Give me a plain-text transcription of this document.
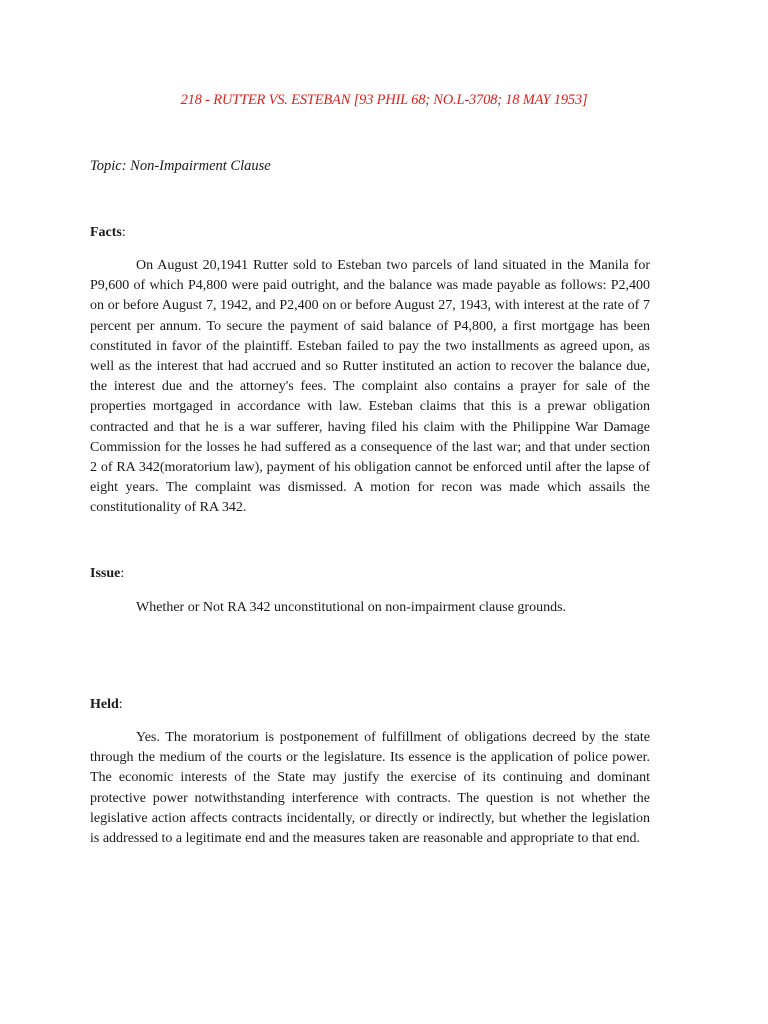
218 - RUTTER VS. ESTEBAN [93 PHIL 68; NO.L-3708; 18 MAY 1953]
Topic: Non-Impairment Clause
Facts:

On August 20,1941 Rutter sold to Esteban two parcels of land situated in the Manila for P9,600 of which P4,800 were paid outright, and the balance was made payable as follows: P2,400 on or before August 7, 1942, and P2,400 on or before August 27, 1943, with interest at the rate of 7 percent per annum. To secure the payment of said balance of P4,800, a first mortgage has been constituted in favor of the plaintiff. Esteban failed to pay the two installments as agreed upon, as well as the interest that had accrued and so Rutter instituted an action to recover the balance due, the interest due and the attorney's fees. The complaint also contains a prayer for sale of the properties mortgaged in accordance with law. Esteban claims that this is a prewar obligation contracted and that he is a war sufferer, having filed his claim with the Philippine War Damage Commission for the losses he had suffered as a consequence of the last war; and that under section 2 of RA 342(moratorium law), payment of his obligation cannot be enforced until after the lapse of eight years. The complaint was dismissed. A motion for recon was made which assails the constitutionality of RA 342.

Issue:

Whether or Not RA 342 unconstitutional on non-impairment clause grounds.

Held:

Yes. The moratorium is postponement of fulfillment of obligations decreed by the state through the medium of the courts or the legislature. Its essence is the application of police power. The economic interests of the State may justify the exercise of its continuing and dominant protective power notwithstanding interference with contracts. The question is not whether the legislative action affects contracts incidentally, or directly or indirectly, but whether the legislation is addressed to a legitimate end and the measures taken are reasonable and appropriate to that end.
